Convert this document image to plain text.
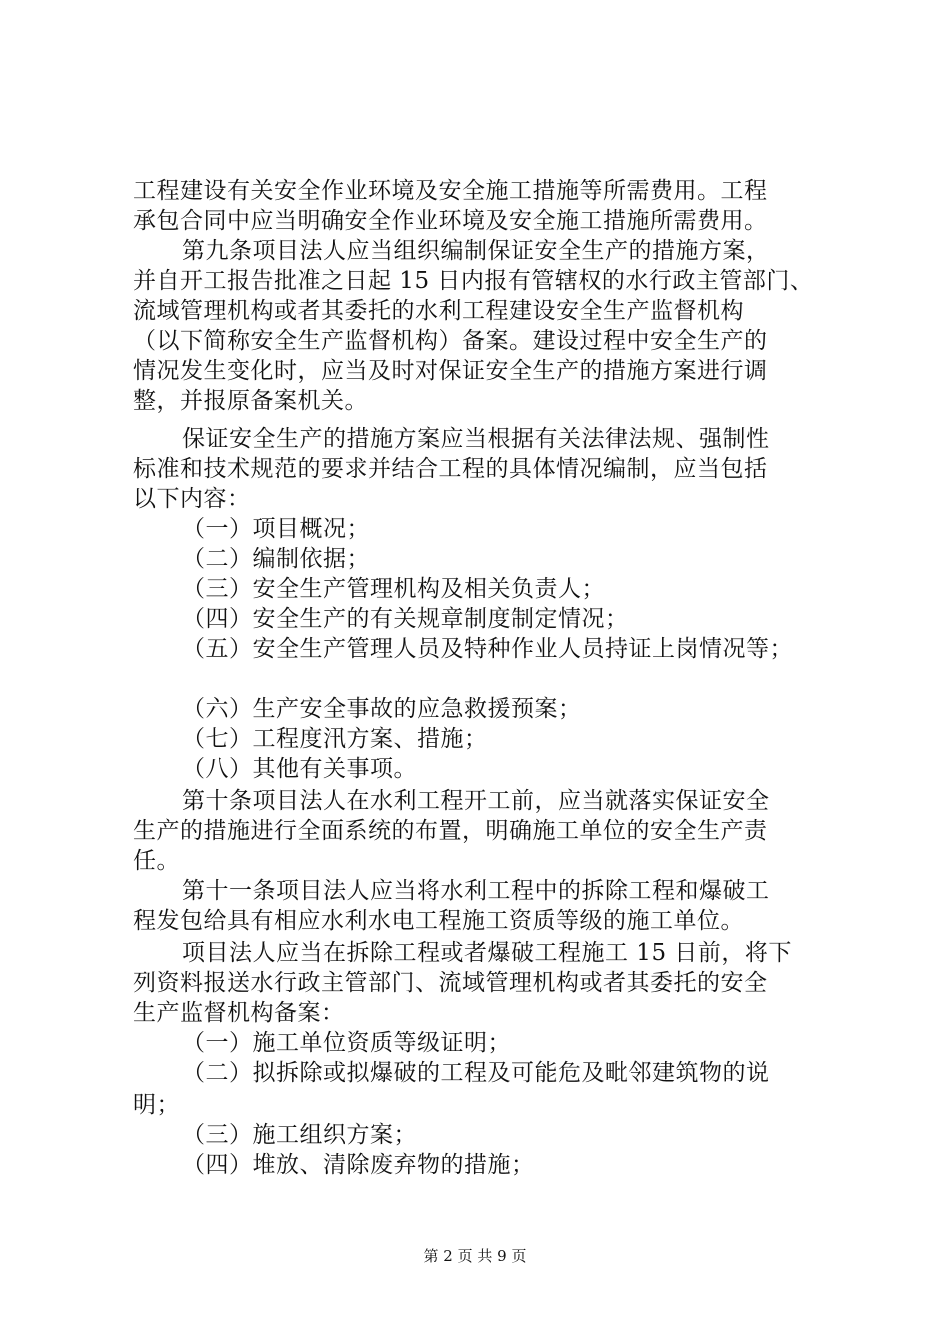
工程建设有关安全作业环境及安全施工措施等所需费用。工程
承包合同中应当明确安全作业环境及安全施工措施所需费用。
第九条项目法人应当组织编制保证安全生产的措施方案，
并自开工报告批准之日起 15 日内报有管辖权的水行政主管部门、
流域管理机构或者其委托的水利工程建设安全生产监督机构
（以下简称安全生产监督机构）备案。建设过程中安全生产的
情况发生变化时，应当及时对保证安全生产的措施方案进行调
整，并报原备案机关。
保证安全生产的措施方案应当根据有关法律法规、强制性
标准和技术规范的要求并结合工程的具体情况编制，应当包括
以下内容：
（一）项目概况；
（二）编制依据；
（三）安全生产管理机构及相关负责人；
（四）安全生产的有关规章制度制定情况；
（五）安全生产管理人员及特种作业人员持证上岗情况等；
（六）生产安全事故的应急救援预案；
（七）工程度汛方案、措施；
（八）其他有关事项。
第十条项目法人在水利工程开工前，应当就落实保证安全
生产的措施进行全面系统的布置，明确施工单位的安全生产责
任。
第十一条项目法人应当将水利工程中的拆除工程和爆破工
程发包给具有相应水利水电工程施工资质等级的施工单位。
项目法人应当在拆除工程或者爆破工程施工 15 日前，将下
列资料报送水行政主管部门、流域管理机构或者其委托的安全
生产监督机构备案：
（一）施工单位资质等级证明；
（二）拟拆除或拟爆破的工程及可能危及毗邻建筑物的说
明；
（三）施工组织方案；
（四）堆放、清除废弃物的措施；
第 2 页 共 9 页
